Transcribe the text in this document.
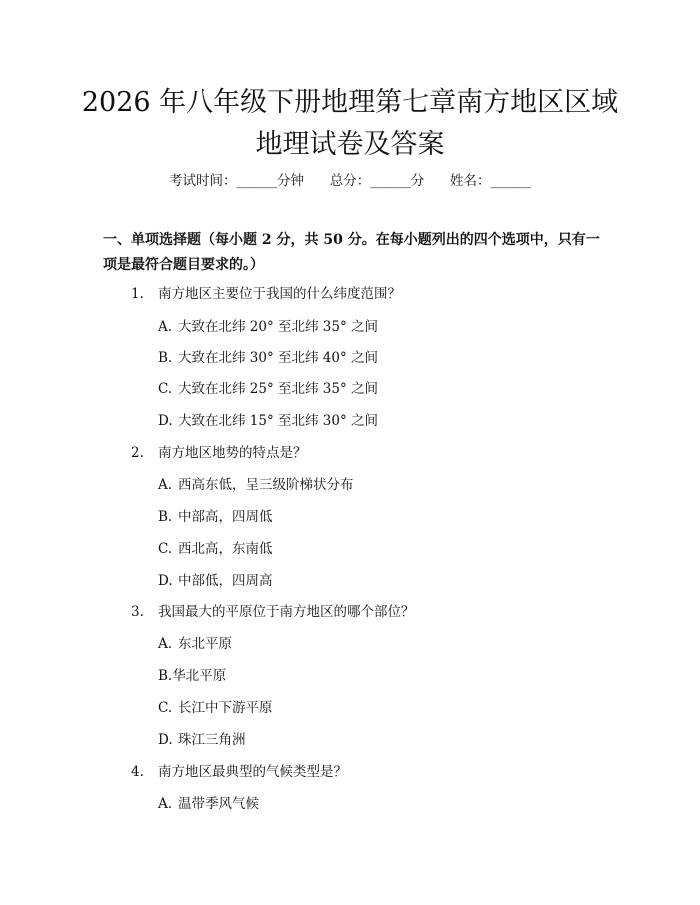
2026 年八年级下册地理第七章南方地区区域
地理试卷及答案
考试时间：______分钟      总分：______分      姓名：______
一、单项选择题（每小题 2 分，共 50 分。在每小题列出的四个选项中，只有一项是最符合题目要求的。）
1. 南方地区主要位于我国的什么纬度范围？
A. 大致在北纬 20° 至北纬 35° 之间
B. 大致在北纬 30° 至北纬 40° 之间
C. 大致在北纬 25° 至北纬 35° 之间
D. 大致在北纬 15° 至北纬 30° 之间
2. 南方地区地势的特点是？
A. 西高东低，呈三级阶梯状分布
B. 中部高，四周低
C. 西北高，东南低
D. 中部低，四周高
3. 我国最大的平原位于南方地区的哪个部位？
A. 东北平原
B.华北平原
C. 长江中下游平原
D. 珠江三角洲
4. 南方地区最典型的气候类型是？
A. 温带季风气候
